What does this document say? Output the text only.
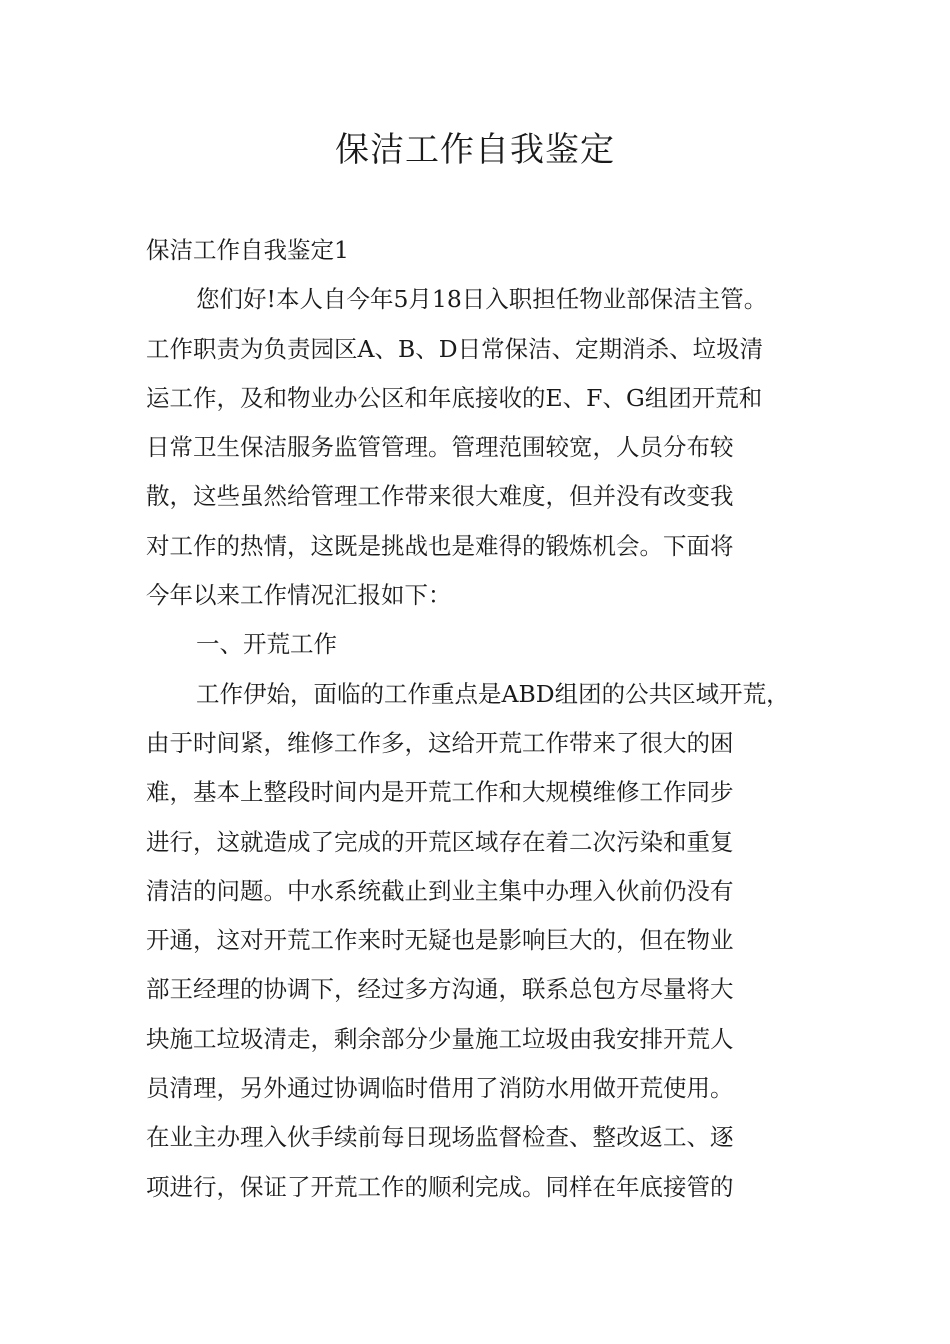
保洁工作自我鉴定
保洁工作自我鉴定1
您们好!本人自今年5月18日入职担任物业部保洁主管。
工作职责为负责园区A、B、D日常保洁、定期消杀、垃圾清
运工作，及和物业办公区和年底接收的E、F、G组团开荒和
日常卫生保洁服务监管管理。管理范围较宽，人员分布较
散，这些虽然给管理工作带来很大难度，但并没有改变我
对工作的热情，这既是挑战也是难得的锻炼机会。下面将
今年以来工作情况汇报如下：
一、开荒工作
工作伊始，面临的工作重点是ABD组团的公共区域开荒，
由于时间紧，维修工作多，这给开荒工作带来了很大的困
难，基本上整段时间内是开荒工作和大规模维修工作同步
进行，这就造成了完成的开荒区域存在着二次污染和重复
清洁的问题。中水系统截止到业主集中办理入伙前仍没有
开通，这对开荒工作来时无疑也是影响巨大的，但在物业
部王经理的协调下，经过多方沟通，联系总包方尽量将大
块施工垃圾清走，剩余部分少量施工垃圾由我安排开荒人
员清理，另外通过协调临时借用了消防水用做开荒使用。
在业主办理入伙手续前每日现场监督检查、整改返工、逐
项进行，保证了开荒工作的顺利完成。同样在年底接管的
